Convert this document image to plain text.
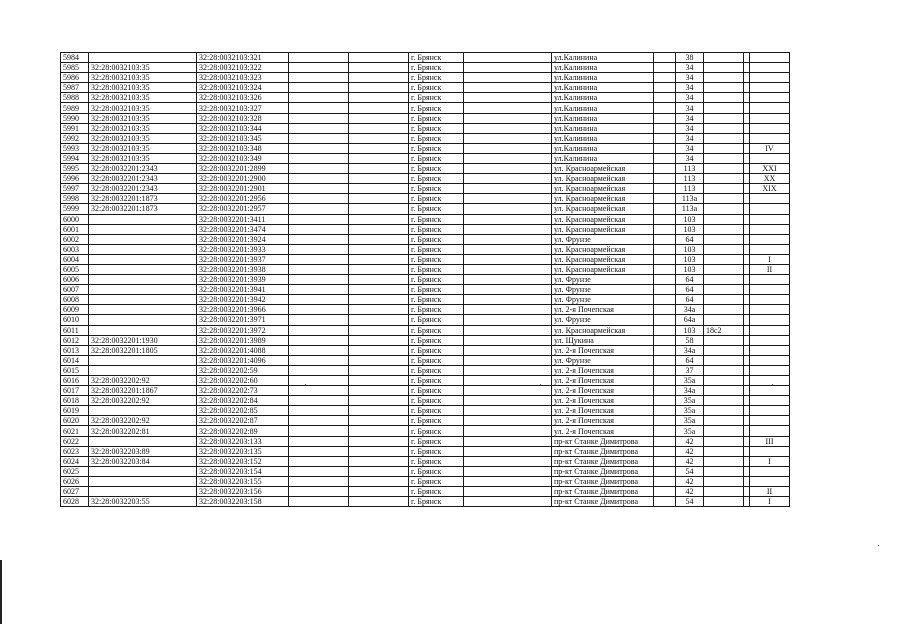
5984		32:28:0032103:321			г. Брянск		ул.Калинина		38			
5985	32:28:0032103:35	32:28:0032103:322			г. Брянск		ул.Калинина		34			
5986	32:28:0032103:35	32:28:0032103:323			г. Брянск		ул.Калинина		34			
5987	32:28:0032103:35	32:28:0032103:324			г. Брянск		ул.Калинина		34			
5988	32:28:0032103:35	32:28:0032103:326			г. Брянск		ул.Калинина		34			
5989	32:28:0032103:35	32:28:0032103:327			г. Брянск		ул.Калинина		34			
5990	32:28:0032103:35	32:28:0032103:328			г. Брянск		ул.Калинина		34			
5991	32:28:0032103:35	32:28:0032103:344			г. Брянск		ул.Калинина		34			
5992	32:28:0032103:35	32:28:0032103:345			г. Брянск		ул.Калинина		34			
5993	32:28:0032103:35	32:28:0032103:348			г. Брянск		ул.Калинина		34			IV
5994	32:28:0032103:35	32:28:0032103:349			г. Брянск		ул.Калинина		34			
5995	32:28:0032201:2343	32:28:0032201:2899			г. Брянск		ул. Красноармейская		113			XXI
5996	32:28:0032201:2343	32:28:0032201:2900			г. Брянск		ул. Красноармейская		113			XX
5997	32:28:0032201:2343	32:28:0032201:2901			г. Брянск		ул. Красноармейская		113			XIX
5998	32:28:0032201:1873	32:28:0032201:2956			г. Брянск		ул. Красноармейская		113а			
5999	32:28:0032201:1873	32:28:0032201:2957			г. Брянск		ул. Красноармейская		113а			
6000		32:28:0032201:3411			г. Брянск		ул. Красноармейская		103			
6001		32:28:0032201:3474			г. Брянск		ул. Красноармейская		103			
6002		32:28:0032201:3924			г. Брянск		ул. Фрунзе		64			
6003		32:28:0032201:3933			г. Брянск		ул. Красноармейская		103			
6004		32:28:0032201:3937			г. Брянск		ул. Красноармейская		103			I
6005		32:28:0032201:3938			г. Брянск		ул. Красноармейская		103			II
6006		32:28:0032201:3939			г. Брянск		ул. Фрунзе		64			
6007		32:28:0032201:3941			г. Брянск		ул. Фрунзе		64			
6008		32:28:0032201:3942			г. Брянск		ул. Фрунзе		64			
6009		32:28:0032201:3966			г. Брянск		ул. 2-я Почепская		34а			
6010		32:28:0032201:3971			г. Брянск		ул. Фрунзе		64а			
6011		32:28:0032201:3972			г. Брянск		ул. Красноармейская		103	18с2		
6012	32:28:0032201:1930	32:28:0032201:3989			г. Брянск		ул. Щукина		58			
6013	32:28:0032201:1805	32:28:0032201:4088			г. Брянск		ул. 2-я Почепская		34а			
6014		32:28:0032201:4096			г. Брянск		ул. Фрунзе		64			
6015		32:28:0032202:59			г. Брянск		ул. 2-я Почепская		37			
6016	32:28:0032202:92	32:28:0032202:60			г. Брянск		ул. 2-я Почепская		35а			
6017	32:28:0032201:1867	32:28:0032202:73			г. Брянск		ул. 2-я Почепская		34а			
6018	32:28:0032202:92	32:28:0032202:84			г. Брянск		ул. 2-я Почепская		35а			
6019		32:28:0032202:85			г. Брянск		ул. 2-я Почепская		35а			
6020	32:28:0032202:92	32:28:0032202:87			г. Брянск		ул. 2-я Почепская		35а			
6021	32:28:0032202:81	32:28:0032202:89			г. Брянск		ул. 2-я Почепская		35а			
6022		32:28:0032203:133			г. Брянск		пр-кт Станке Димитрова		42			III
6023	32:28:0032203:89	32:28:0032203:135			г. Брянск		пр-кт Станке Димитрова		42			
6024	32:28:0032203:84	32:28:0032203:152			г. Брянск		пр-кт Станке Димитрова		42			I
6025		32:28:0032203:154			г. Брянск		пр-кт Станке Димитрова		54			
6026		32:28:0032203:155			г. Брянск		пр-кт Станке Димитрова		42			
6027		32:28:0032203:156			г. Брянск		пр-кт Станке Димитрова		42			II
6028	32:28:0032203:55	32:28:0032203:158			г. Брянск		пр-кт Станке Димитрова		54			I
